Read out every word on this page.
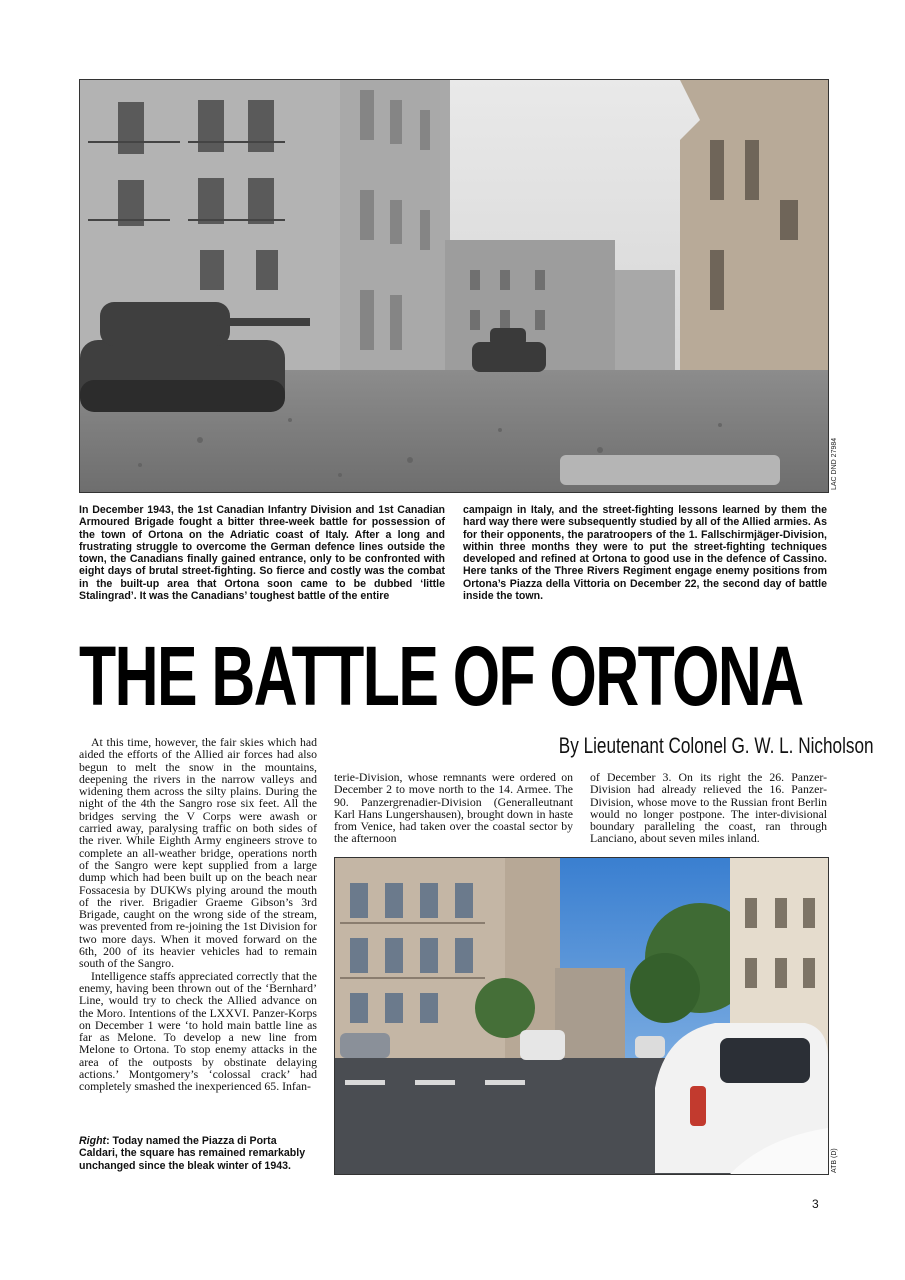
LAC DND 27984

In December 1943, the 1st Canadian Infantry Division and 1st Canadian Armoured Brigade fought a bitter three-week battle for possession of the town of Ortona on the Adriatic coast of Italy. After a long and frustrating struggle to overcome the German defence lines outside the town, the Canadians finally gained entrance, only to be confronted with eight days of brutal street-fighting. So fierce and costly was the combat in the built-up area that Ortona soon came to be dubbed ‘little Stalingrad’. It was the Canadians’ toughest battle of the entire

campaign in Italy, and the street-fighting lessons learned by them the hard way there were subsequently studied by all of the Allied armies. As for their opponents, the paratroopers of the 1. Fallschirmjäger-Division, within three months they were to put the street-fighting techniques developed and refined at Ortona to good use in the defence of Cassino. Here tanks of the Three Rivers Regiment engage enemy positions from Ortona’s Piazza della Vittoria on December 22, the second day of battle inside the town.

THE BATTLE OF ORTONA
By Lieutenant Colonel G. W. L. Nicholson

At this time, however, the fair skies which had aided the efforts of the Allied air forces had also begun to melt the snow in the mountains, deepening the rivers in the narrow valleys and widening them across the silty plains. During the night of the 4th the Sangro rose six feet. All the bridges serving the V Corps were awash or carried away, paralysing traffic on both sides of the river. While Eighth Army engineers strove to complete an all-weather bridge, operations north of the Sangro were kept supplied from a large dump which had been built up on the beach near Fossacesia by DUKWs plying around the mouth of the river. Brigadier Graeme Gibson’s 3rd Brigade, caught on the wrong side of the stream, was prevented from re-joining the 1st Division for two more days. When it moved forward on the 6th, 200 of its heavier vehicles had to remain south of the Sangro.

Intelligence staffs appreciated correctly that the enemy, having been thrown out of the ‘Bernhard’ Line, would try to check the Allied advance on the Moro. Intentions of the LXXVI. Panzer-Korps on December 1 were ‘to hold main battle line as far as Melone. To develop a new line from Melone to Ortona. To stop enemy attacks in the area of the outposts by obstinate delaying actions.’ Montgomery’s ‘colossal crack’ had completely smashed the inexperienced 65. Infan-

terie-Division, whose remnants were ordered on December 2 to move north to the 14. Armee. The 90. Panzergrenadier-Division (Generalleutnant Karl Hans Lungershausen), brought down in haste from Venice, had taken over the coastal sector by the afternoon

of December 3. On its right the 26. Panzer-Division had already relieved the 16. Panzer-Division, whose move to the Russian front Berlin would no longer postpone. The inter-divisional boundary paralleling the coast, ran through Lanciano, about seven miles inland.

ATB (D)

Right: Today named the Piazza di Porta Caldari, the square has remained remarkably unchanged since the bleak winter of 1943.

3
